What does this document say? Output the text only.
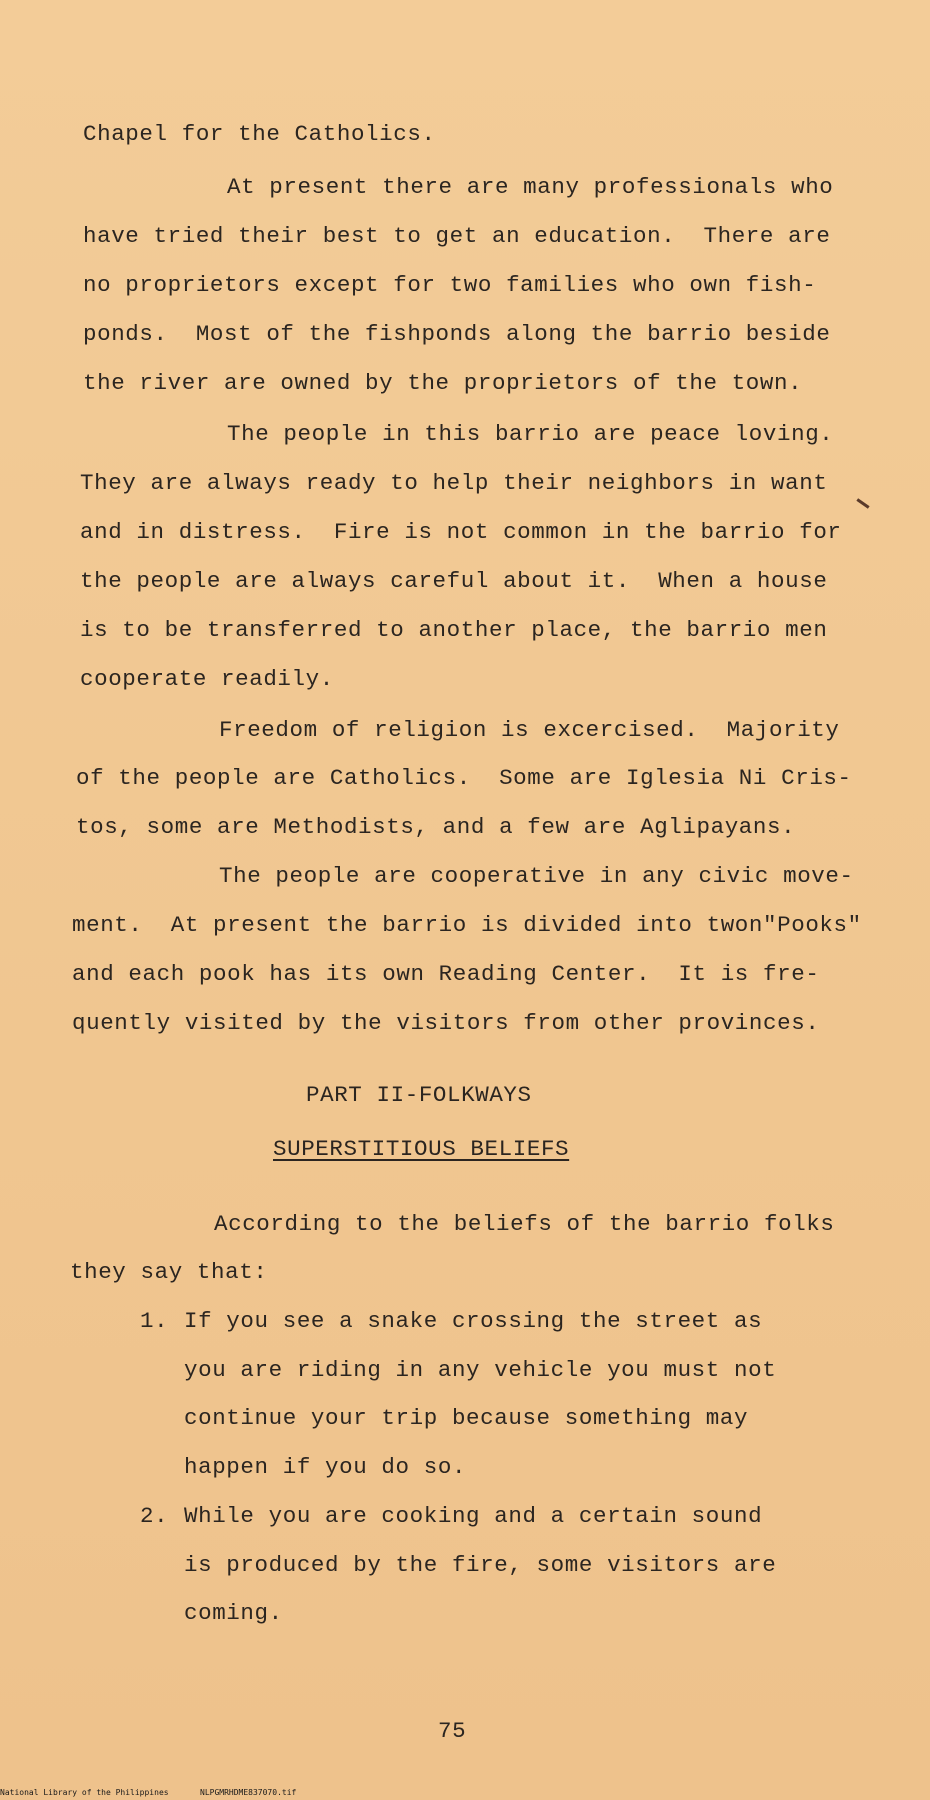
Chapel for the Catholics.
At present there are many professionals who
have tried their best to get an education.  There are
no proprietors except for two families who own fish-
ponds.  Most of the fishponds along the barrio beside
the river are owned by the proprietors of the town.
The people in this barrio are peace loving.
They are always ready to help their neighbors in want
and in distress.  Fire is not common in the barrio for
the people are always careful about it.  When a house
is to be transferred to another place, the barrio men
cooperate readily.
Freedom of religion is excercised.  Majority
of the people are Catholics.  Some are Iglesia Ni Cris-
tos, some are Methodists, and a few are Aglipayans.
The people are cooperative in any civic move-
ment.  At present the barrio is divided into twon"Pooks"
and each pook has its own Reading Center.  It is fre-
quently visited by the visitors from other provinces.
PART II-FOLKWAYS
SUPERSTITIOUS BELIEFS
According to the beliefs of the barrio folks
they say that:
1. If you see a snake crossing the street as
you are riding in any vehicle you must not
continue your trip because something may
happen if you do so.
2. While you are cooking and a certain sound
is produced by the fire, some visitors are
coming.
75
National Library of the Philippines	NLPGMRHDME837070.tif
